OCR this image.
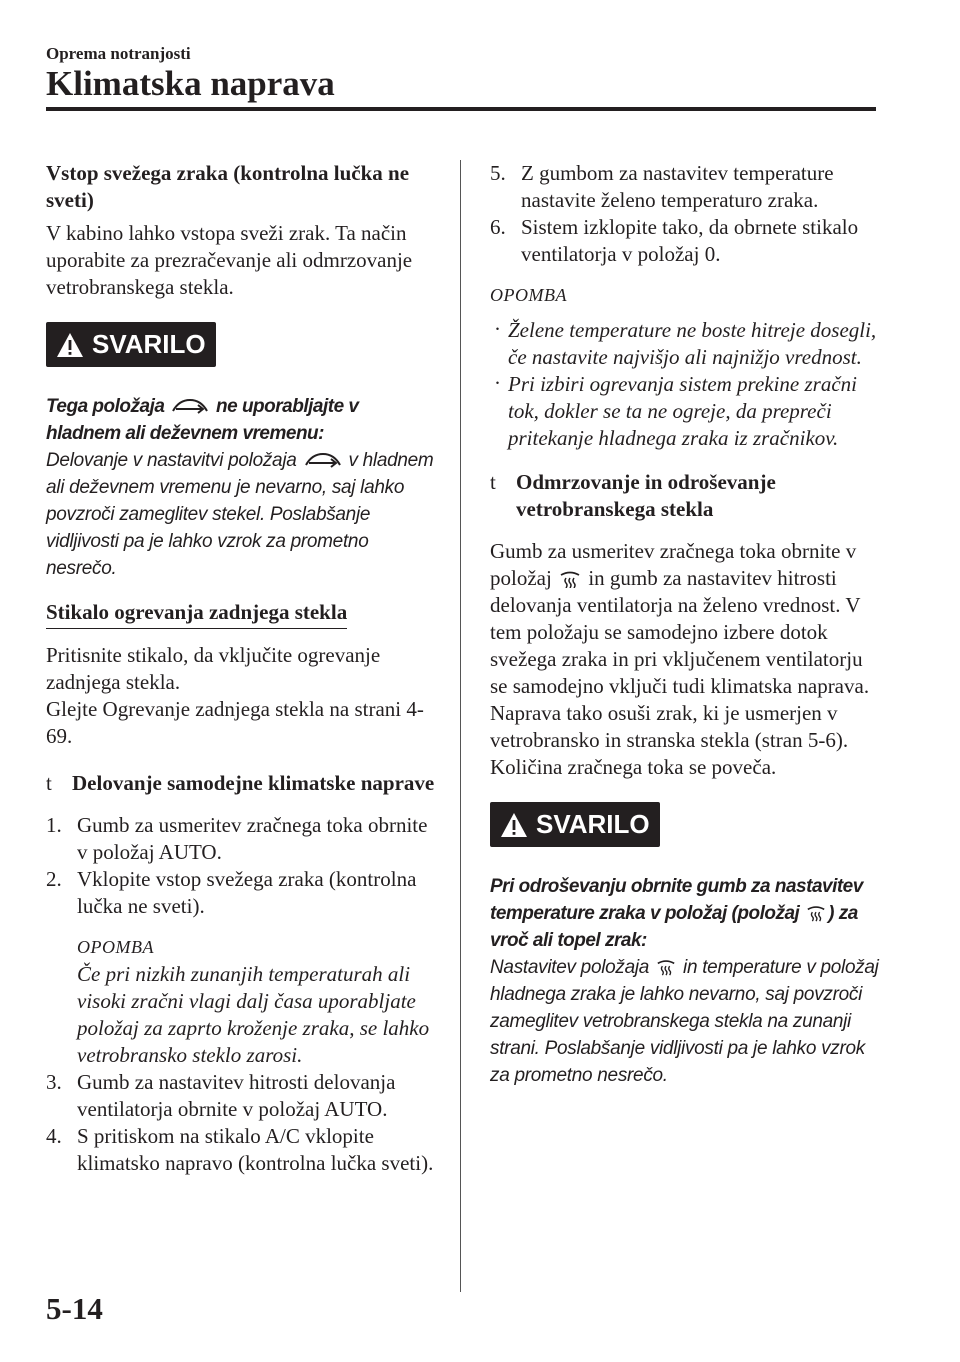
Oprema notranjosti
Klimatska naprava

Vstop svežega zraka (kontrolna lučka ne sveti)

V kabino lahko vstopa sveži zrak. Ta način uporabite za prezračevanje ali odmrzovanje vetrobranskega stekla.

SVARILO
Tega položaja	ne uporabljajte v hladnem ali deževnem vremenu:
Delovanje v nastavitvi položaja	v hladnem ali deževnem vremenu je nevarno, saj lahko povzroči zameglitev stekel. Poslabšanje vidljivosti pa je lahko vzrok za prometno nesrečo.

Stikalo ogrevanja zadnjega stekla

Pritisnite stikalo, da vključite ogrevanje zadnjega stekla.

Glejte Ogrevanje zadnjega stekla na strani 4-69.

t Delovanje samodejne klimatske naprave

1. Gumb za usmeritev zračnega toka obrnite v položaj AUTO.
2. Vklopite vstop svežega zraka (kontrolna lučka ne sveti).
OPOMBA
Če pri nizkih zunanjih temperaturah ali visoki zračni vlagi dalj časa uporabljate položaj za zaprto kroženje zraka, se lahko vetrobransko steklo zarosi.
3. Gumb za nastavitev hitrosti delovanja ventilatorja obrnite v položaj AUTO.
4. S pritiskom na stikalo A/C vklopite klimatsko napravo (kontrolna lučka sveti).
5. Z gumbom za nastavitev temperature nastavite želeno temperaturo zraka.
6. Sistem izklopite tako, da obrnete stikalo ventilatorja v položaj 0.
OPOMBA
· Želene temperature ne boste hitreje dosegli, če nastavite najvišjo ali najnižjo vrednost.
· Pri izbiri ogrevanja sistem prekine zračni tok, dokler se ta ne ogreje, da prepreči pritekanje hladnega zraka iz zračnikov.

t Odmrzovanje in odroševanje vetrobranskega stekla

Gumb za usmeritev zračnega toka obrnite v položaj in gumb za nastavitev hitrosti delovanja ventilatorja na želeno vrednost. V tem položaju se samodejno izbere dotok svežega zraka in pri vključenem ventilatorju se samodejno vključi tudi klimatska naprava. Naprava tako osuši zrak, ki je usmerjen v vetrobransko in stranska stekla (stran 5-6). Količina zračnega toka se poveča.

SVARILO
Pri odroševanju obrnite gumb za nastavitev temperature zraka v položaj (položaj ) za vroč ali topel zrak:
Nastavitev položaja in temperature v položaj hladnega zraka je lahko nevarno, saj povzroči zameglitev vetrobranskega stekla na zunanji strani. Poslabšanje vidljivosti pa je lahko vzrok za prometno nesrečo.
5-14
